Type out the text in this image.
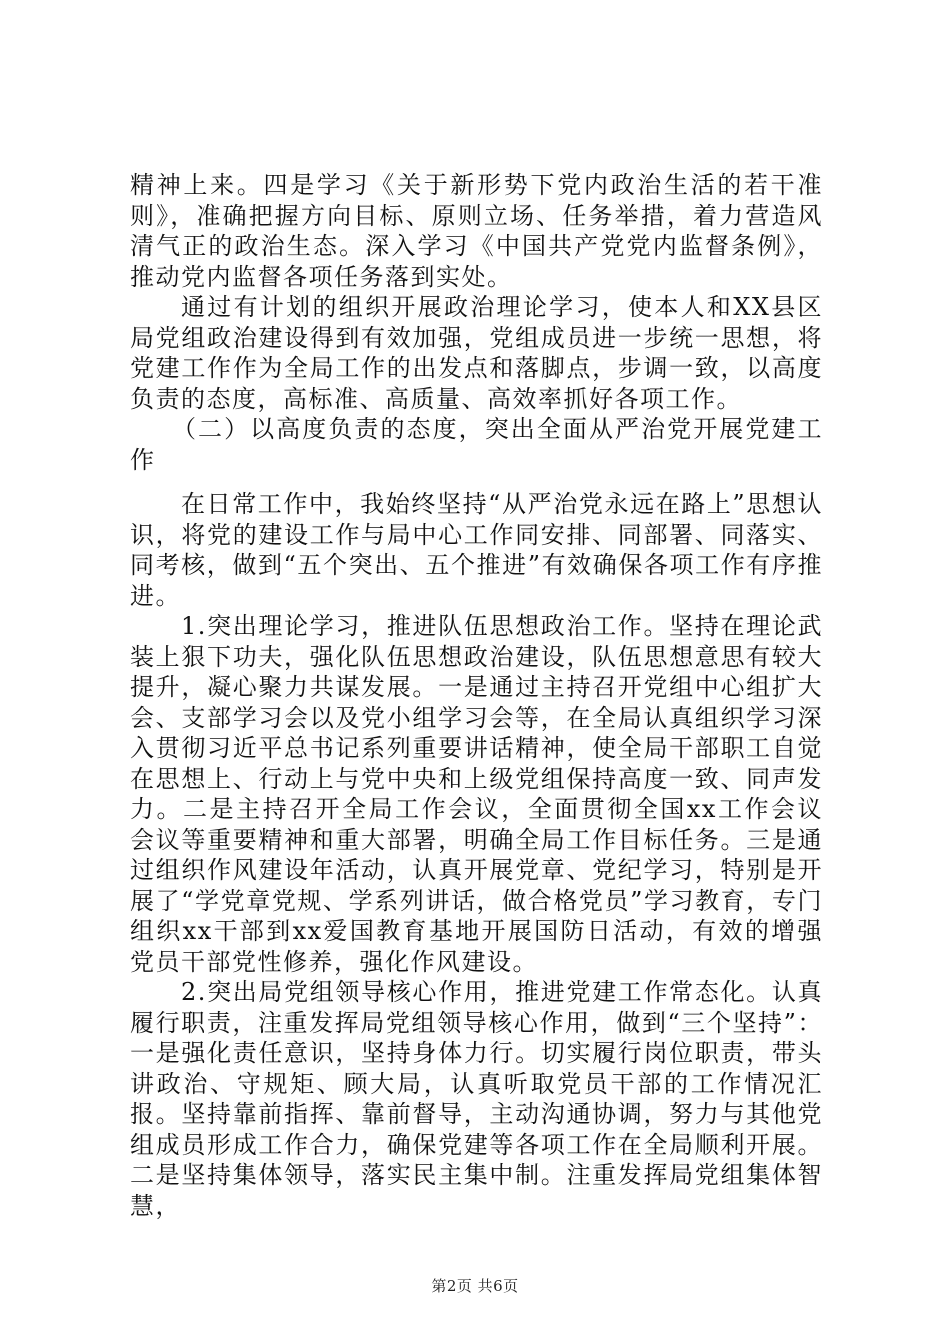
精神上来。四是学习《关于新形势下党内政治生活的若干准则》，准确把握方向目标、原则立场、任务举措，着力营造风清气正的政治生态。深入学习《中国共产党党内监督条例》，推动党内监督各项任务落到实处。

通过有计划的组织开展政治理论学习，使本人和XX县区局党组政治建设得到有效加强，党组成员进一步统一思想，将党建工作作为全局工作的出发点和落脚点，步调一致，以高度负责的态度，高标准、高质量、高效率抓好各项工作。

（二）以高度负责的态度，突出全面从严治党开展党建工作

在日常工作中，我始终坚持“从严治党永远在路上”思想认识，将党的建设工作与局中心工作同安排、同部署、同落实、同考核，做到“五个突出、五个推进”有效确保各项工作有序推进。

1.突出理论学习，推进队伍思想政治工作。坚持在理论武装上狠下功夫，强化队伍思想政治建设，队伍思想意思有较大提升，凝心聚力共谋发展。一是通过主持召开党组中心组扩大会、支部学习会以及党小组学习会等，在全局认真组织学习深入贯彻习近平总书记系列重要讲话精神，使全局干部职工自觉在思想上、行动上与党中央和上级党组保持高度一致、同声发力。二是主持召开全局工作会议，全面贯彻全国xx工作会议会议等重要精神和重大部署，明确全局工作目标任务。三是通过组织作风建设年活动，认真开展党章、党纪学习，特别是开展了“学党章党规、学系列讲话，做合格党员”学习教育，专门组织xx干部到xx爱国教育基地开展国防日活动，有效的增强党员干部党性修养，强化作风建设。

2.突出局党组领导核心作用，推进党建工作常态化。认真履行职责，注重发挥局党组领导核心作用，做到“三个坚持”：一是强化责任意识，坚持身体力行。切实履行岗位职责，带头讲政治、守规矩、顾大局，认真听取党员干部的工作情况汇报。坚持靠前指挥、靠前督导，主动沟通协调，努力与其他党组成员形成工作合力，确保党建等各项工作在全局顺利开展。二是坚持集体领导，落实民主集中制。注重发挥局党组集体智慧，

第2页 共6页
